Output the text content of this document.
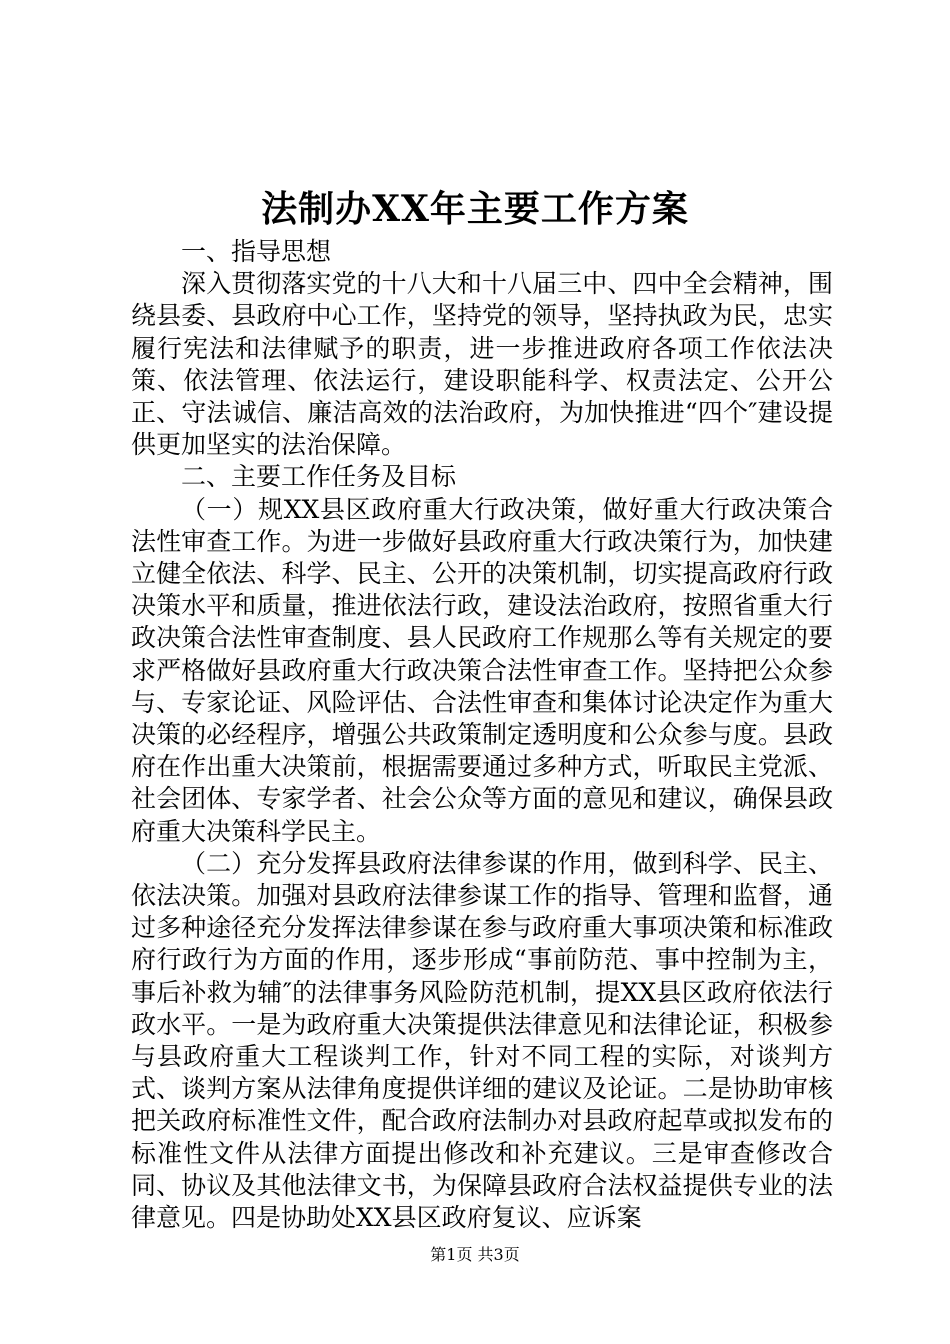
法制办XX年主要工作方案

一、指导思想

深入贯彻落实党的十八大和十八届三中、四中全会精神，围绕县委、县政府中心工作，坚持党的领导，坚持执政为民，忠实履行宪法和法律赋予的职责，进一步推进政府各项工作依法决策、依法管理、依法运行，建设职能科学、权责法定、公开公正、守法诚信、廉洁高效的法治政府，为加快推进“四个″建设提供更加坚实的法治保障。

二、主要工作任务及目标

（一）规XX县区政府重大行政决策，做好重大行政决策合法性审查工作。为进一步做好县政府重大行政决策行为，加快建立健全依法、科学、民主、公开的决策机制，切实提高政府行政决策水平和质量，推进依法行政，建设法治政府，按照省重大行政决策合法性审查制度、县人民政府工作规那么等有关规定的要求严格做好县政府重大行政决策合法性审查工作。坚持把公众参与、专家论证、风险评估、合法性审查和集体讨论决定作为重大决策的必经程序，增强公共政策制定透明度和公众参与度。县政府在作出重大决策前，根据需要通过多种方式，听取民主党派、社会团体、专家学者、社会公众等方面的意见和建议，确保县政府重大决策科学民主。

（二）充分发挥县政府法律参谋的作用，做到科学、民主、依法决策。加强对县政府法律参谋工作的指导、管理和监督，通过多种途径充分发挥法律参谋在参与政府重大事项决策和标准政府行政行为方面的作用，逐步形成“事前防范、事中控制为主，事后补救为辅″的法律事务风险防范机制，提XX县区政府依法行政水平。一是为政府重大决策提供法律意见和法律论证，积极参与县政府重大工程谈判工作，针对不同工程的实际，对谈判方式、谈判方案从法律角度提供详细的建议及论证。二是协助审核把关政府标准性文件，配合政府法制办对县政府起草或拟发布的标准性文件从法律方面提出修改和补充建议。三是审查修改合同、协议及其他法律文书，为保障县政府合法权益提供专业的法律意见。四是协助处XX县区政府复议、应诉案

第1页 共3页
